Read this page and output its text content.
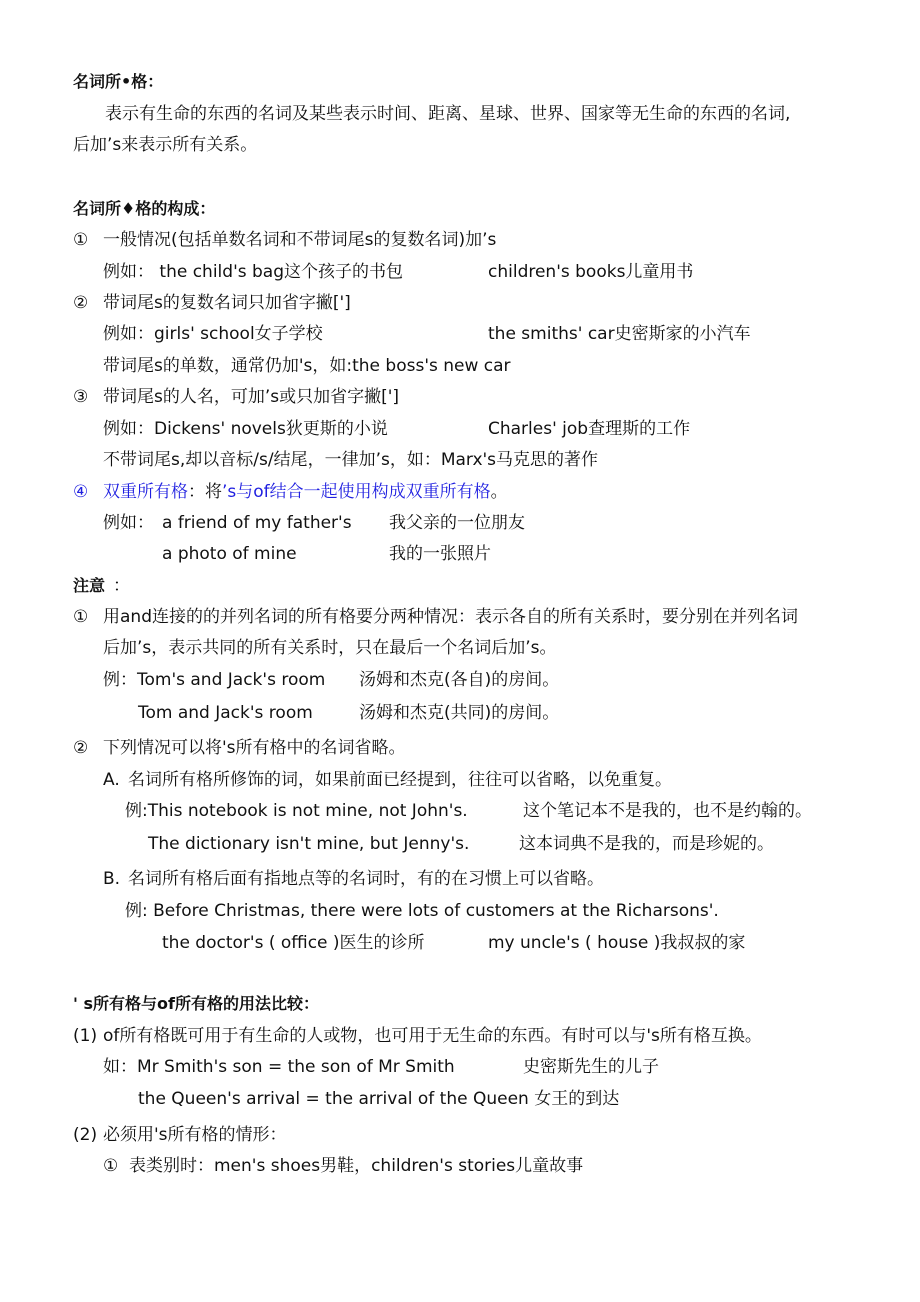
名词所•格：
表示有生命的东西的名词及某些表示时间、距离、星球、世界、国家等无生命的东西的名词,
后加’s来表示所有关系。
名词所♦格的构成：
① 一般情况(包括单数名词和不带词尾s的复数名词)加’s
例如： the child's bag这个孩子的书包	children's books儿童用书
② 带词尾s的复数名词只加省字撇[']
例如：girls' school女子学校	the smiths' car史密斯家的小汽车
带词尾s的单数，通常仍加's，如:the boss's new car
③ 带词尾s的人名，可加’s或只加省字撇[']
例如：Dickens' novels狄更斯的小说	Charles' job查理斯的工作
不带词尾s,却以音标/s/结尾，一律加’s，如：Marx's马克思的著作
④ 双重所有格：将’s与of结合一起使用构成双重所有格。
例如： a friend of my father's 我父亲的一位朋友
a photo of mine	我的一张照片
注意 ：
① 用and连接的的并列名词的所有格要分两种情况：表示各自的所有关系时，要分别在并列名词
后加’s，表示共同的所有关系时，只在最后一个名词后加’s。
例：Tom's and Jack's room 汤姆和杰克(各自)的房间。
Tom and Jack's room	汤姆和杰克(共同)的房间。
② 下列情况可以将's所有格中的名词省略。
A. 名词所有格所修饰的词，如果前面已经提到，往往可以省略，以免重复。
例:This notebook is not mine, not John's.	这个笔记本不是我的，也不是约翰的。
The dictionary isn't mine, but Jenny's.	这本词典不是我的，而是珍妮的。
B. 名词所有格后面有指地点等的名词时，有的在习惯上可以省略。
例: Before Christmas, there were lots of customers at the Richarsons'.
the doctor's ( office )医生的诊所	my uncle's ( house )我叔叔的家
' s所有格与of所有格的用法比较：
(1) of所有格既可用于有生命的人或物，也可用于无生命的东西。有时可以与's所有格互换。
如：Mr Smith's son = the son of Mr Smith	史密斯先生的儿子
the Queen's arrival = the arrival of the Queen 女王的到达
(2) 必须用's所有格的情形：
① 表类别时：men's shoes男鞋，children's stories儿童故事
